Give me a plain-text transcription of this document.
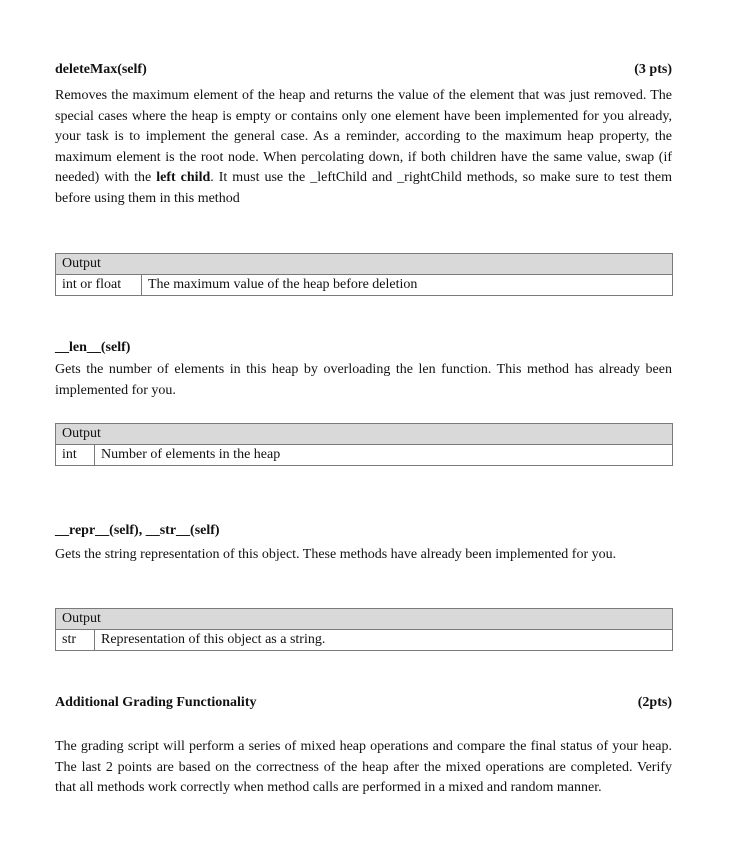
deleteMax(self)	(3 pts)
Removes the maximum element of the heap and returns the value of the element that was just removed. The special cases where the heap is empty or contains only one element have been implemented for you already, your task is to implement the general case. As a reminder, according to the maximum heap property, the maximum element is the root node. When percolating down, if both children have the same value, swap (if needed) with the left child. It must use the _leftChild and _rightChild methods, so make sure to test them before using them in this method
Output
int or float	The maximum value of the heap before deletion
__len__(self)
Gets the number of elements in this heap by overloading the len function. This method has already been implemented for you.
Output
int	Number of elements in the heap
__repr__(self), __str__(self)
Gets the string representation of this object. These methods have already been implemented for you.
Output
str	Representation of this object as a string.
Additional Grading Functionality	(2pts)
The grading script will perform a series of mixed heap operations and compare the final status of your heap. The last 2 points are based on the correctness of the heap after the mixed operations are completed. Verify that all methods work correctly when method calls are performed in a mixed and random manner.
